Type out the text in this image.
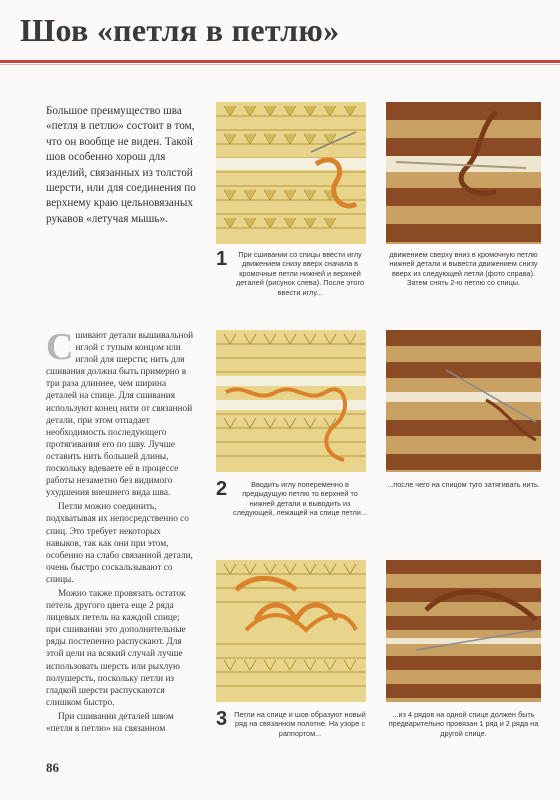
Шов «петля в петлю»
Большое преимущество шва «петля в петлю» состоит в том, что он вообще не виден. Такой шов особенно хорош для изделий, связанных из толстой шерсти, или для соединения по верхнему краю цельновязаных рукавов «летучая мышь».

Сшивают детали вышивальной иглой с тупым концом или иглой для шерсти; нить для сшивания должна быть примерно в три раза длиннее, чем ширина деталей на спице. Для сшивания используют конец нити от связанной детали, при этом отпадает необходимость последующего протягивания его по шву. Лучше оставить нить большей длины, поскольку вдеваете её в процессе работы незаметно без видимого ухудшения внешнего вида шва.

Петли можно соединить, подхватывая их непосредственно со спиц. Это требует некоторых навыков, так как они при этом, особенно на слабо связанной детали, очень быстро соскальзывают со спицы.

Можно также провязать остаток петель другого цвета еще 2 ряда лицевых петель на каждой спице; при сшивании это дополнительные ряды постепенно распускают. Для этой цели на всякий случай лучше использовать шерсть или рыхлую полушерсть, поскольку петли из гладкой шерсти распускаются слишком быстро.

При сшивании деталей швом «петля в петлю» на связанном

1	При сшивании со спицы ввести иглу движением снизу вверх сначала в кромочные петли нижней и верхней деталей (рисунок слева). После этого ввести иглу...
движением сверху вниз в кромочную петлю нижней детали и вывести движением снизу вверх из следующей петли (фото справа). Затем снять 2-ю петлю со спицы.
2	Вводить иглу попеременно в предыдущую петлю то верхней то нижней детали и выводить из следующей, лежащей на спице петли...
...после чего на спицом туго затягивать нить.
3 Петли на спице и шов образуют новый ряд на связанном полотне. На узоре с раппортом...
...из 4 рядов на одной спице должен быть предварительно провязан 1 ряд и 2 ряда на другой спице.
86
